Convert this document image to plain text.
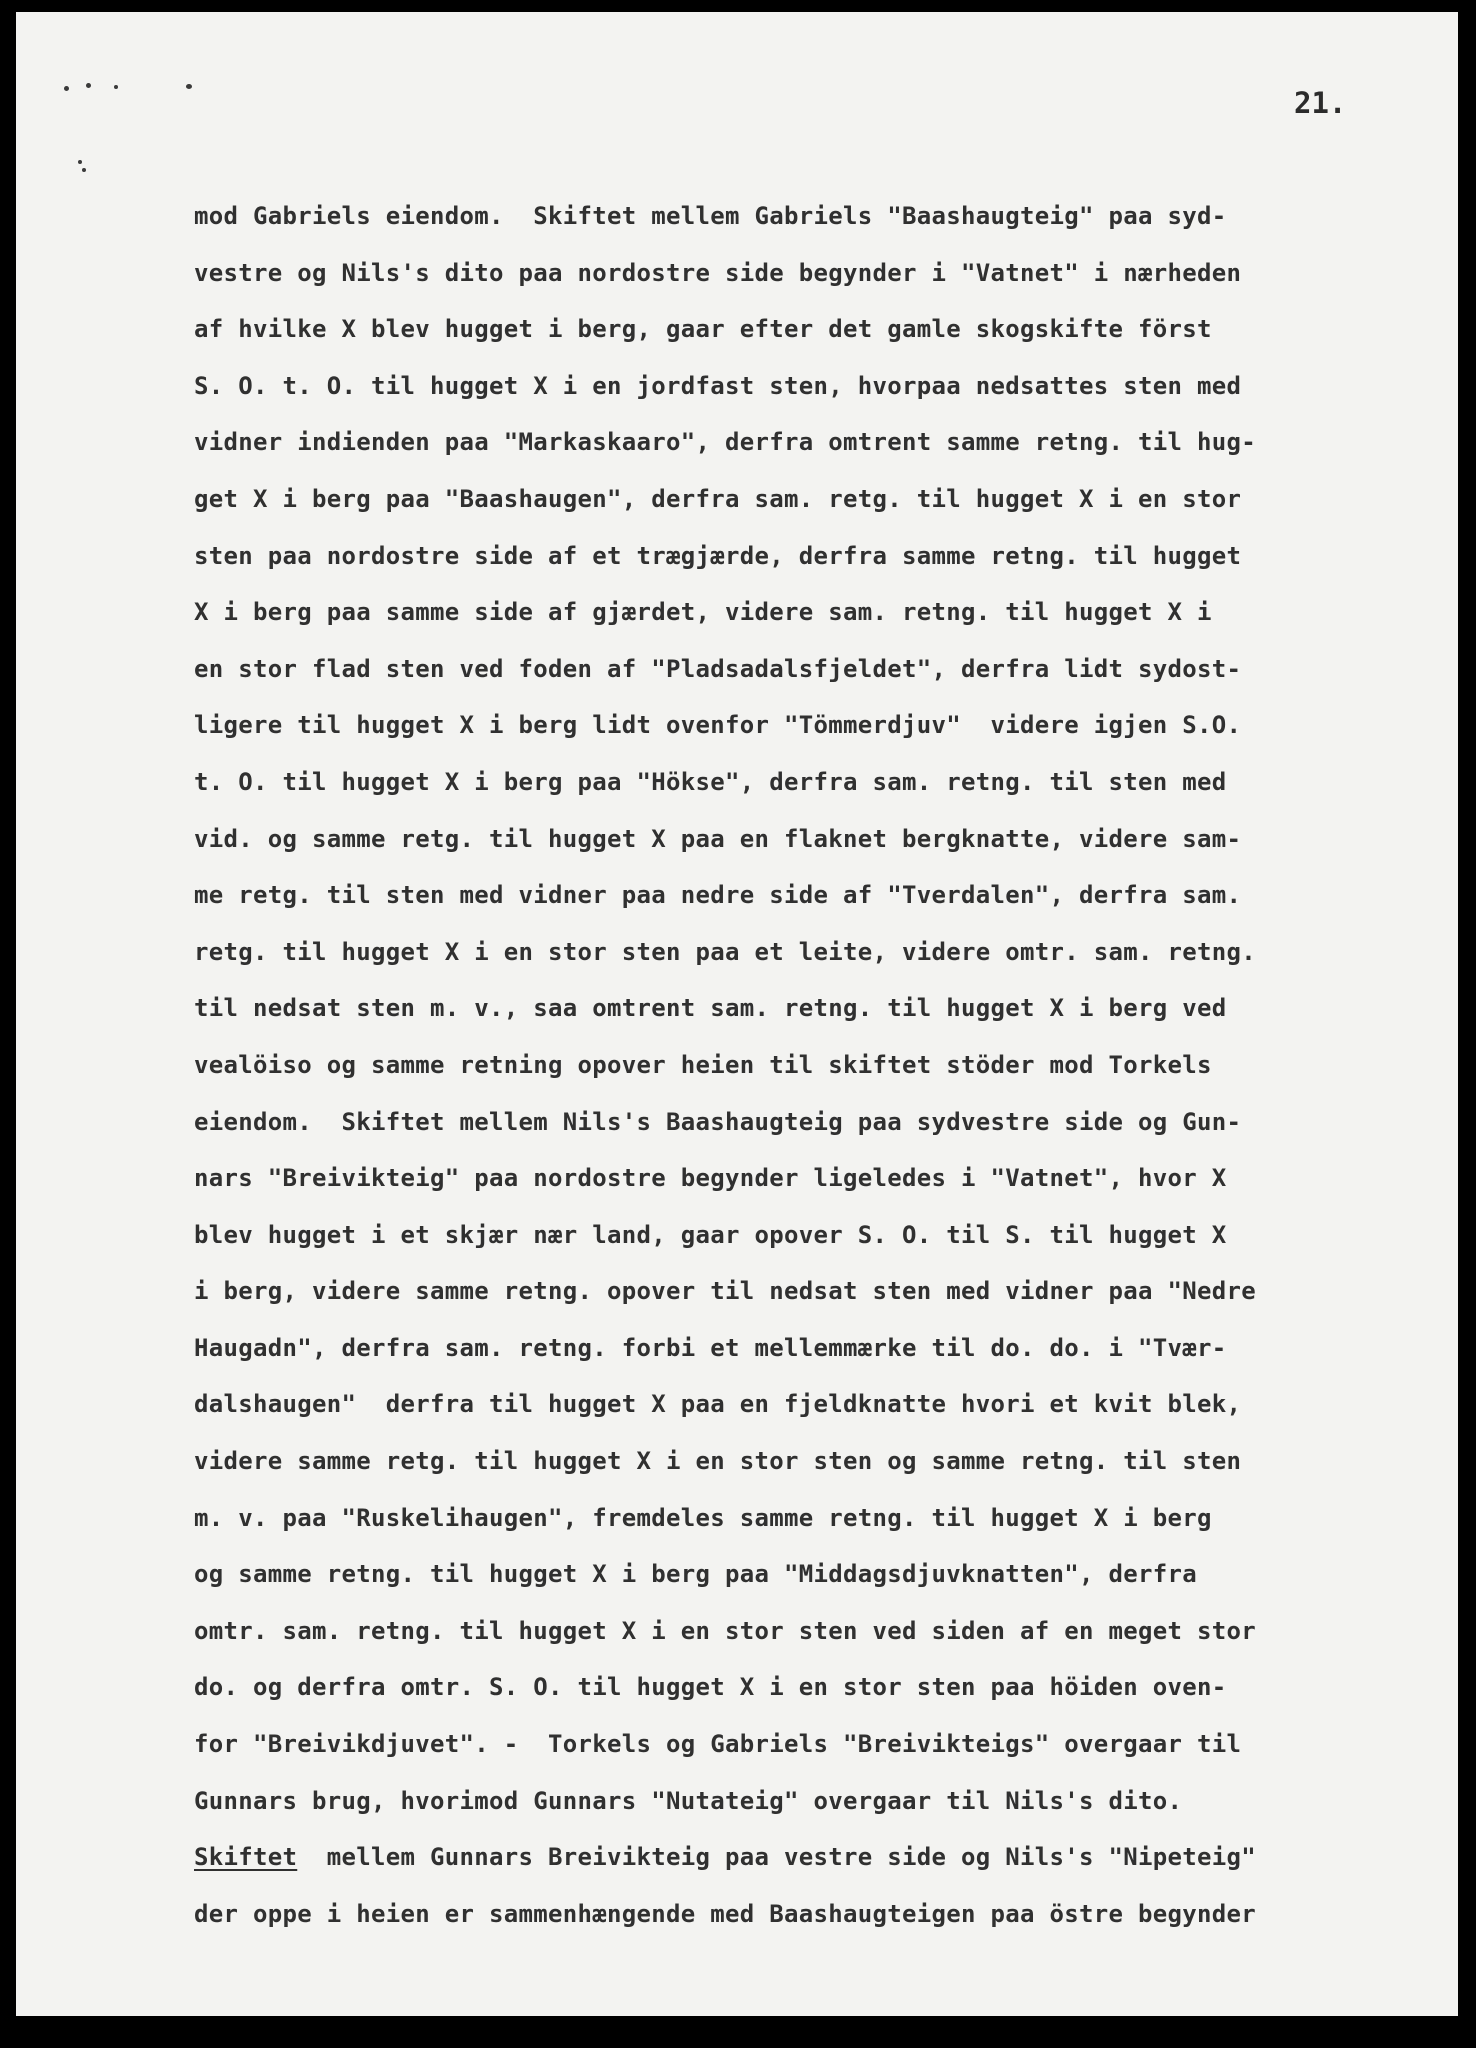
21.

mod Gabriels eiendom.  Skiftet mellem Gabriels "Baashaugteig" paa syd-
vestre og Nils's dito paa nordostre side begynder i "Vatnet" i nærheden
af hvilke X blev hugget i berg, gaar efter det gamle skogskifte först
S. O. t. O. til hugget X i en jordfast sten, hvorpaa nedsattes sten med
vidner indienden paa "Markaskaaro", derfra omtrent samme retng. til hug-
get X i berg paa "Baashaugen", derfra sam. retg. til hugget X i en stor
sten paa nordostre side af et trægjærde, derfra samme retng. til hugget
X i berg paa samme side af gjærdet, videre sam. retng. til hugget X i
en stor flad sten ved foden af "Pladsadalsfjeldet", derfra lidt sydost-
ligere til hugget X i berg lidt ovenfor "Tömmerdjuv"  videre igjen S.O.
t. O. til hugget X i berg paa "Hökse", derfra sam. retng. til sten med
vid. og samme retg. til hugget X paa en flaknet bergknatte, videre sam-
me retg. til sten med vidner paa nedre side af "Tverdalen", derfra sam.
retg. til hugget X i en stor sten paa et leite, videre omtr. sam. retng.
til nedsat sten m. v., saa omtrent sam. retng. til hugget X i berg ved
vealöiso og samme retning opover heien til skiftet stöder mod Torkels
eiendom.  Skiftet mellem Nils's Baashaugteig paa sydvestre side og Gun-
nars "Breivikteig" paa nordostre begynder ligeledes i "Vatnet", hvor X
blev hugget i et skjær nær land, gaar opover S. O. til S. til hugget X
i berg, videre samme retng. opover til nedsat sten med vidner paa "Nedre
Haugadn", derfra sam. retng. forbi et mellemmærke til do. do. i "Tvær-
dalshaugen"  derfra til hugget X paa en fjeldknatte hvori et kvit blek,
videre samme retg. til hugget X i en stor sten og samme retng. til sten
m. v. paa "Ruskelihaugen", fremdeles samme retng. til hugget X i berg
og samme retng. til hugget X i berg paa "Middagsdjuvknatten", derfra
omtr. sam. retng. til hugget X i en stor sten ved siden af en meget stor
do. og derfra omtr. S. O. til hugget X i en stor sten paa höiden oven-
for "Breivikdjuvet". -  Torkels og Gabriels "Breivikteigs" overgaar til
Gunnars brug, hvorimod Gunnars "Nutateig" overgaar til Nils's dito.
Skiftet  mellem Gunnars Breivikteig paa vestre side og Nils's "Nipeteig"
der oppe i heien er sammenhængende med Baashaugteigen paa östre begynder
